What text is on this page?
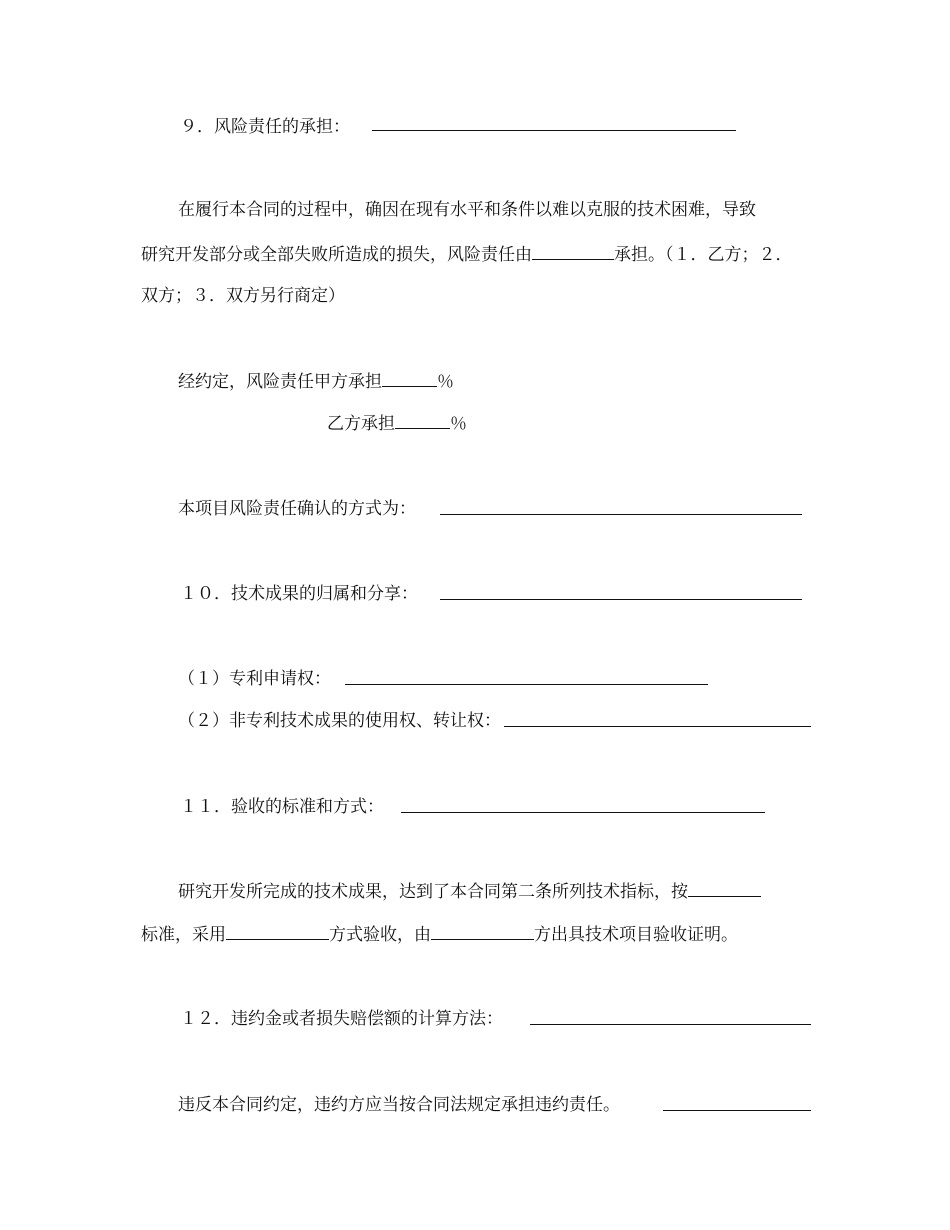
９．风险责任的承担：
在履行本合同的过程中，确因在现有水平和条件以难以克服的技术困难，导致
研究开发部分或全部失败所造成的损失，风险责任由	承担。（１．乙方；２．
双方；３．双方另行商定）
经约定，风险责任甲方承担	％
乙方承担	％
本项目风险责任确认的方式为：
１０．技术成果的归属和分享：
（１）专利申请权：
（２）非专利技术成果的使用权、转让权：
１１．验收的标准和方式：
研究开发所完成的技术成果，达到了本合同第二条所列技术指标，按
标准，采用	方式验收，由	方出具技术项目验收证明。
１２．违约金或者损失赔偿额的计算方法：
违反本合同约定，违约方应当按合同法规定承担违约责任。
